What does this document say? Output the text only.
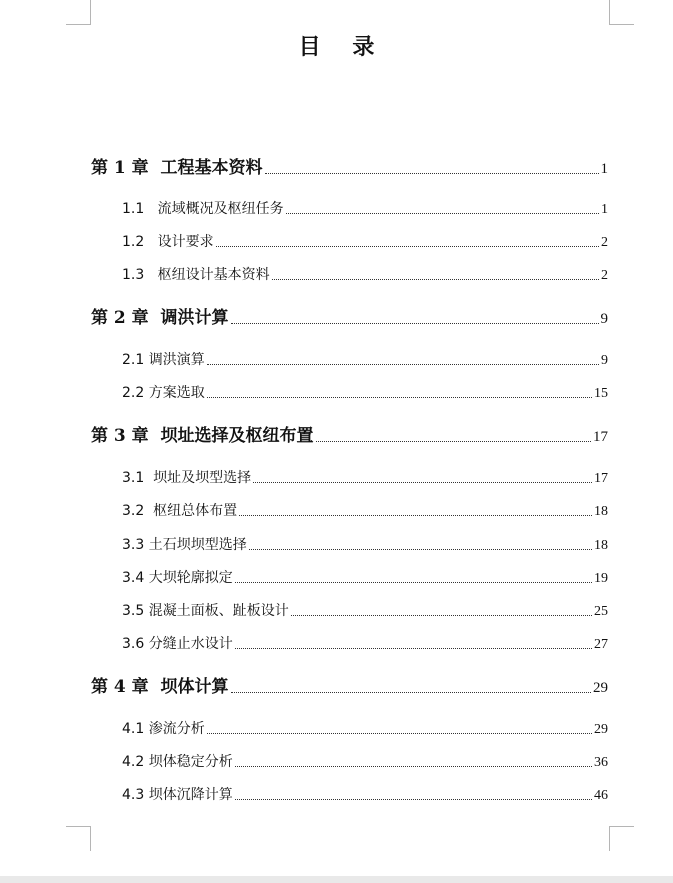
目 录
第 1 章  工程基本资料	1
1.1   流域概况及枢纽任务	1
1.2   设计要求	2
1.3   枢纽设计基本资料	2
第 2 章  调洪计算	9
2.1 调洪演算	9
2.2 方案选取	15
第 3 章  坝址选择及枢纽布置	17
3.1  坝址及坝型选择	17
3.2  枢纽总体布置	18
3.3 土石坝坝型选择	18
3.4 大坝轮廓拟定	19
3.5 混凝土面板、趾板设计	25
3.6 分缝止水设计	27
第 4 章  坝体计算	29
4.1 渗流分析	29
4.2 坝体稳定分析	36
4.3 坝体沉降计算	46
